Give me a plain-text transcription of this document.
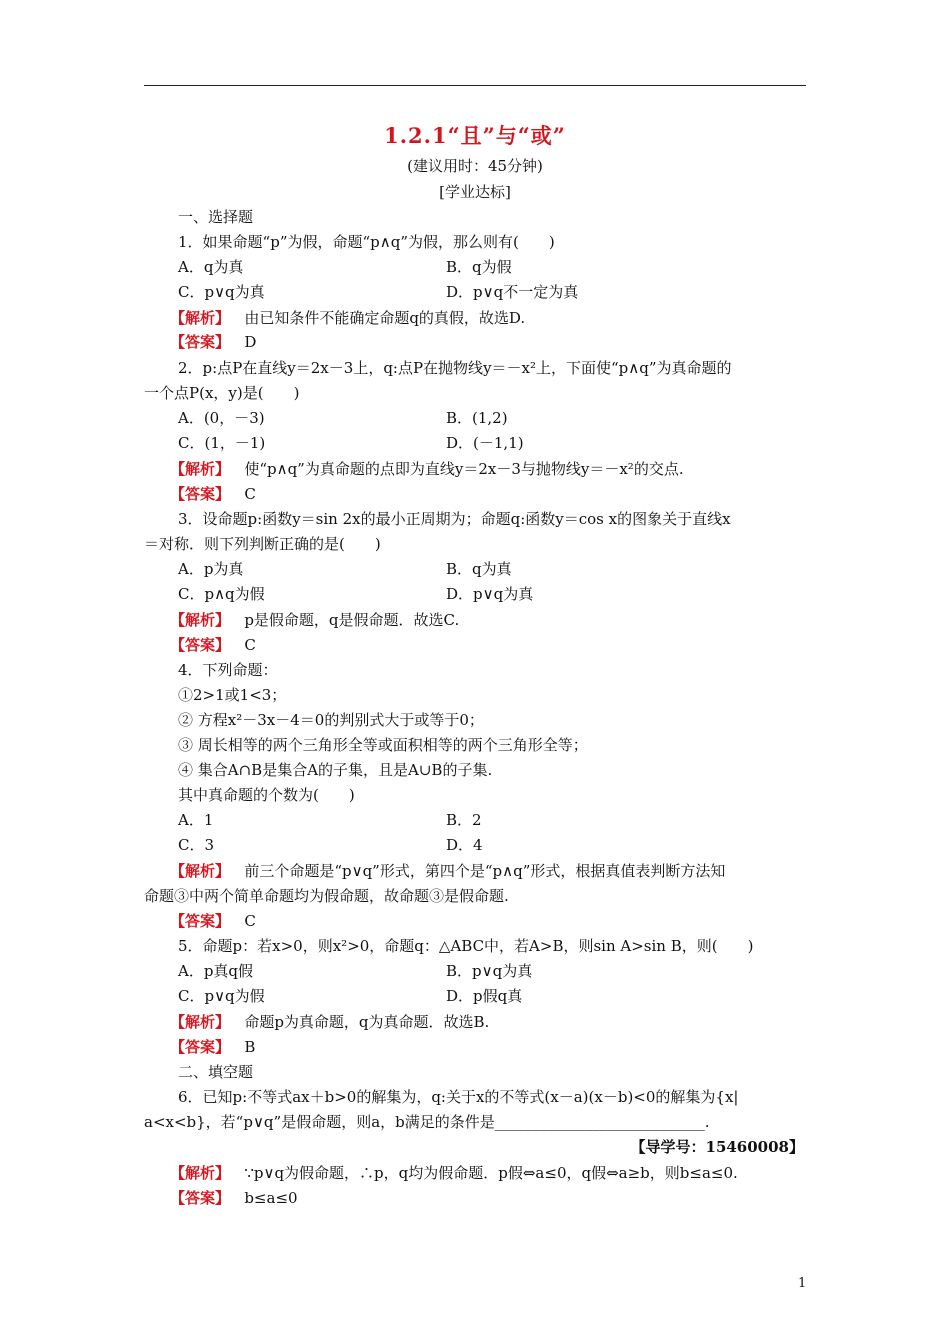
1.2.1“且”与“或”
(建议用时：45分钟)
[学业达标]
一、选择题
1．如果命题“p”为假，命题“p∧q”为假，那么则有(　　)
A．q为真	B．q为假
C．p∨q为真	D．p∨q不一定为真
【解析】 由已知条件不能确定命题q的真假，故选D.
【答案】 D
2．p:点P在直线y＝2x－3上，q:点P在抛物线y＝－x²上，下面使“p∧q”为真命题的
一个点P(x，y)是(　　)
A．(0，－3)	B．(1,2)
C．(1，－1)	D．(－1,1)
【解析】 使“p∧q”为真命题的点即为直线y＝2x－3与抛物线y＝－x²的交点.
【答案】 C
3．设命题p:函数y＝sin 2x的最小正周期为；命题q:函数y＝cos x的图象关于直线x
＝对称．则下列判断正确的是(　　)
A．p为真	B．q为真
C．p∧q为假	D．p∨q为真
【解析】 p是假命题，q是假命题．故选C.
【答案】 C
4．下列命题：
①2>1或1<3；
② 方程x²－3x－4＝0的判别式大于或等于0；
③ 周长相等的两个三角形全等或面积相等的两个三角形全等；
④ 集合A∩B是集合A的子集，且是A∪B的子集.
其中真命题的个数为(　　)
A．1	B．2
C．3	D．4
【解析】 前三个命题是“p∨q”形式，第四个是“p∧q”形式，根据真值表判断方法知
命题③中两个简单命题均为假命题，故命题③是假命题.
【答案】 C
5．命题p：若x>0，则x²>0，命题q：△ABC中，若A>B，则sin A>sin B，则(　　)
A．p真q假	B．p∨q为真
C．p∨q为假	D．p假q真
【解析】 命题p为真命题，q为真命题．故选B.
【答案】 B
二、填空题
6．已知p:不等式ax＋b>0的解集为，q:关于x的不等式(x－a)(x－b)<0的解集为{x|
a<x<b}，若“p∨q”是假命题，则a，b满足的条件是____________________________.
【导学号：15460008】
【解析】 ∵p∨q为假命题，∴p，q均为假命题．p假⇔a≤0，q假⇔a≥b，则b≤a≤0.
【答案】 b≤a≤0
1
